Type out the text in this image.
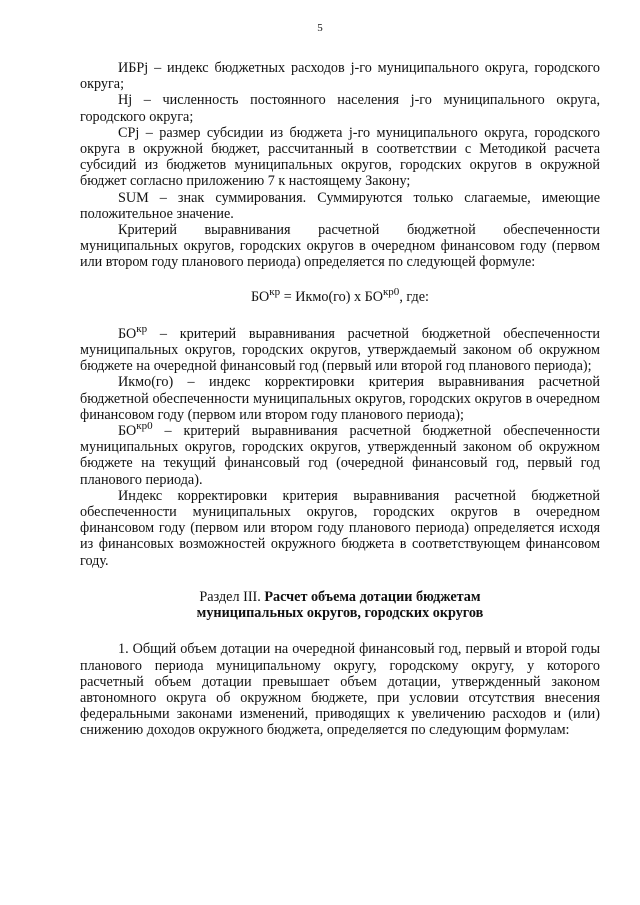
5

ИБРj – индекс бюджетных расходов j-го муниципального округа, городского округа;

Нj – численность постоянного населения j-го муниципального округа, городского округа;

СРj – размер субсидии из бюджета j-го муниципального округа, городского округа в окружной бюджет, рассчитанный в соответствии с Методикой расчета субсидий из бюджетов муниципальных округов, городских округов в окружной бюджет согласно приложению 7 к настоящему Закону;

SUM – знак суммирования. Суммируются только слагаемые, имеющие положительное значение.

Критерий выравнивания расчетной бюджетной обеспеченности муниципальных округов, городских округов в очередном финансовом году (первом или втором году планового периода) определяется по следующей формуле:

$БО^{кр}$ = Икмо(го) х $БО^{кр0}$, где:

$БО^{кр}$ – критерий выравнивания расчетной бюджетной обеспеченности муниципальных округов, городских округов, утверждаемый законом об окружном бюджете на очередной финансовый год (первый или второй год планового периода);

Икмо(го) – индекс корректировки критерия выравнивания расчетной бюджетной обеспеченности муниципальных округов, городских округов в очередном финансовом году (первом или втором году планового периода);

$БО^{кр0}$ – критерий выравнивания расчетной бюджетной обеспеченности муниципальных округов, городских округов, утвержденный законом об окружном бюджете на текущий финансовый год (очередной финансовый год, первый год планового периода).

Индекс корректировки критерия выравнивания расчетной бюджетной обеспеченности муниципальных округов, городских округов в очередном финансовом году (первом или втором году планового периода) определяется исходя из финансовых возможностей окружного бюджета в соответствующем финансовом году.

Раздел III. Расчет объема дотации бюджетам
муниципальных округов, городских округов

1. Общий объем дотации на очередной финансовый год, первый и второй годы планового периода муниципальному округу, городскому округу, у которого расчетный объем дотации превышает объем дотации, утвержденный законом автономного округа об окружном бюджете, при условии отсутствия внесения федеральными законами изменений, приводящих к увеличению расходов и (или) снижению доходов окружного бюджета, определяется по следующим формулам:
